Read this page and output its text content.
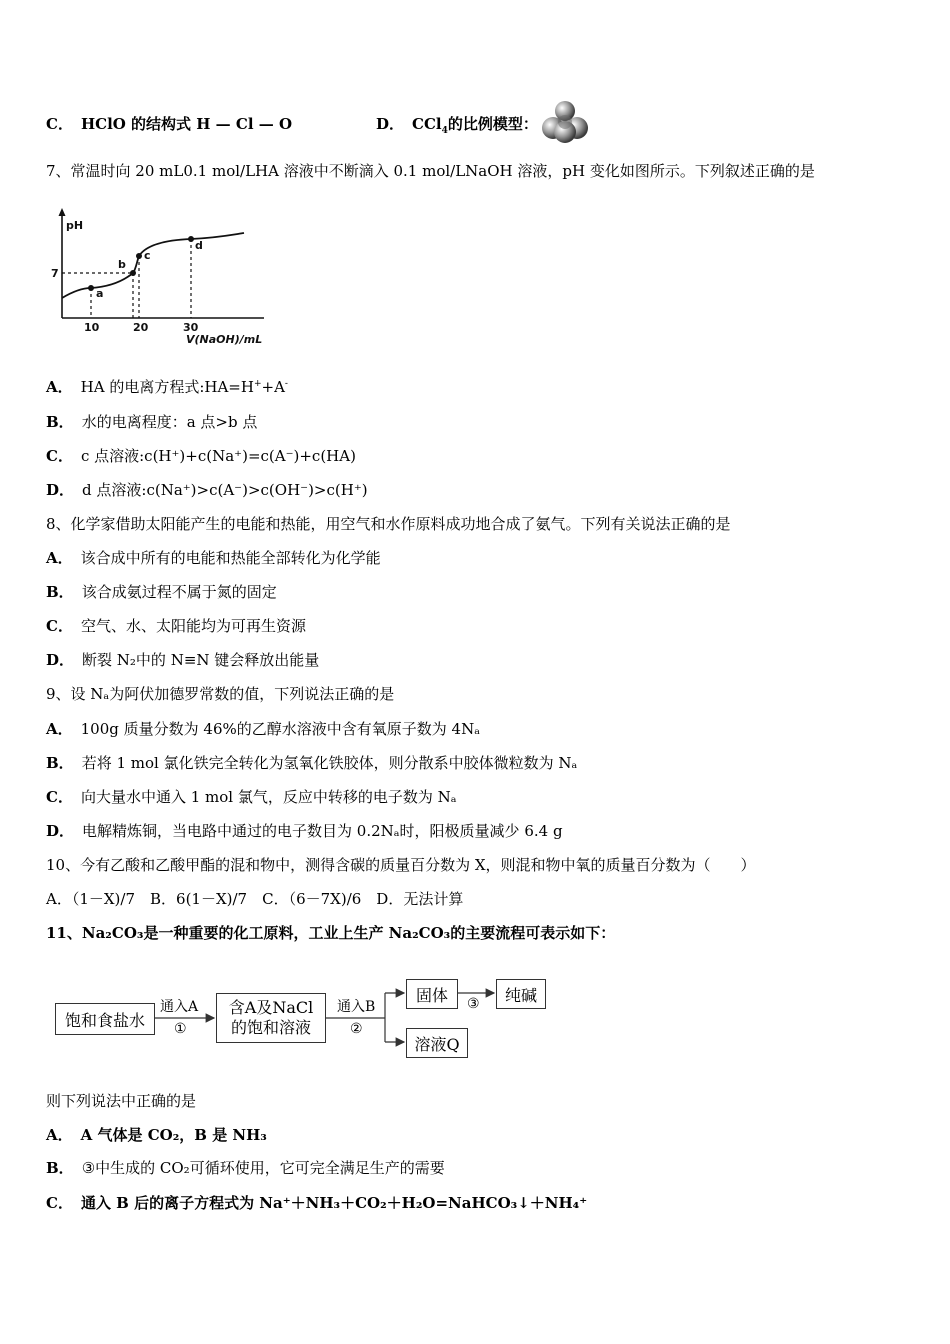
C． HClO 的结构式 H — Cl — O	D． CCl$_4$的比例模型：
7、常温时向 20 mL0.1 mol/LHA 溶液中不断滴入 0.1 mol/LNaOH 溶液，pH 变化如图所示。下列叙述正确的是
pH
7
a
b
c
d
10	20	30
V(NaOH)/mL
A． HA 的电离方程式:HA=H++A-
B． 水的电离程度：a 点>b 点
C． c 点溶液:c(H⁺)+c(Na⁺)=c(A⁻)+c(HA)
D． d 点溶液:c(Na⁺)>c(A⁻)>c(OH⁻)>c(H⁺)
8、化学家借助太阳能产生的电能和热能，用空气和水作原料成功地合成了氨气。下列有关说法正确的是
A． 该合成中所有的电能和热能全部转化为化学能
B． 该合成氨过程不属于氮的固定
C． 空气、水、太阳能均为可再生资源
D． 断裂 N₂中的 N≡N 键会释放出能量
9、设 Nₐ为阿伏加德罗常数的值，下列说法正确的是
A． 100g 质量分数为 46%的乙醇水溶液中含有氧原子数为 4Nₐ
B． 若将 1 mol 氯化铁完全转化为氢氧化铁胶体，则分散系中胶体微粒数为 Nₐ
C． 向大量水中通入 1 mol 氯气，反应中转移的电子数为 Nₐ
D． 电解精炼铜，当电路中通过的电子数目为 0.2Nₐ时，阳极质量减少 6.4 g
10、今有乙酸和乙酸甲酯的混和物中，测得含碳的质量百分数为 X，则混和物中氧的质量百分数为（　　）
A．（1－X)/7　B．6(1－X)/7　C．（6－7X)/6　D．无法计算
11、Na₂CO₃是一种重要的化工原料，工业上生产 Na₂CO₃的主要流程可表示如下：
饱和食盐水
通入A
①
含A及NaCl
的饱和溶液
通入B
②
固体	③	纯碱
溶液Q
则下列说法中正确的是
A． A 气体是 CO₂，B 是 NH₃
B． ③中生成的 CO₂可循环使用，它可完全满足生产的需要
C． 通入 B 后的离子方程式为 Na⁺＋NH₃＋CO₂＋H₂O=NaHCO₃↓＋NH₄⁺
